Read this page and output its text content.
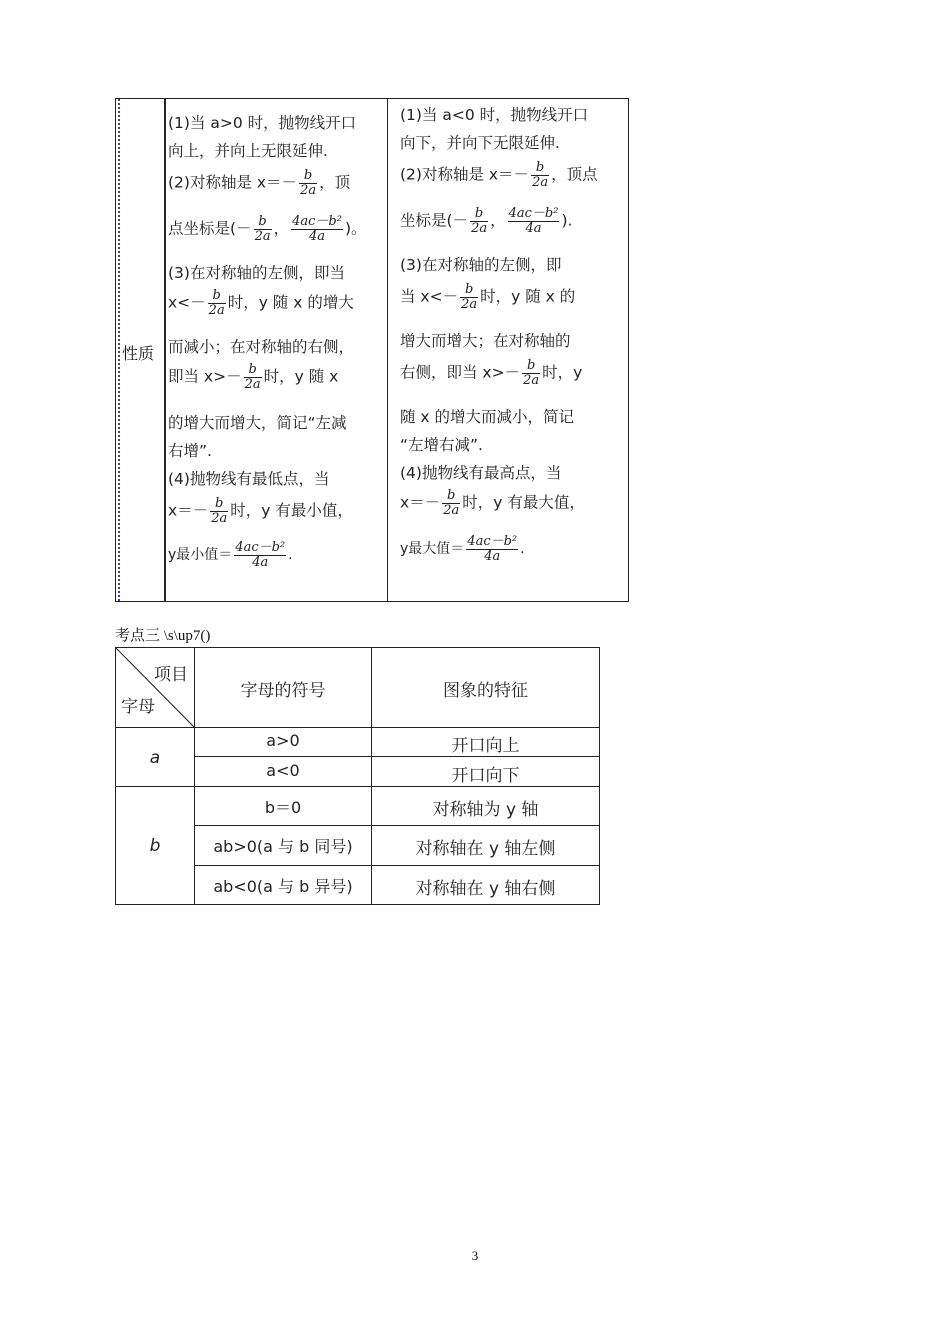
性质
(1)当 a>0 时，抛物线开口
向上，并向上无限延伸.
(2)对称轴是 $x=- \frac{b}{2a}$ ，顶
点坐标是(－ $\frac{b}{2a}$ ， $\frac{\text{4ac－b²}}{4a}$ )。
(3)在对称轴的左侧，即当
$x<- \frac{b}{2a}$ 时，y 随 x 的增大
而减小；在对称轴的右侧，
即当 $x>- \frac{b}{2a}$ 时，y 随 x
的增大而增大，简记“左减
右增”.
(4)抛物线有最低点，当
$x=- \frac{b}{2a}$ 时，y 有最小值，
y最小值＝ $\frac{\text{4ac－b²}}{4a}$ .
(1)当 a<0 时，抛物线开口
向下，并向下无限延伸.
(2)对称轴是 $x=- \frac{b}{2a}$ ，顶点
坐标是(－ $\frac{b}{2a}$ ， $\frac{\text{4ac－b²}}{4a}$ ).
(3)在对称轴的左侧，即
当 $x<- \frac{b}{2a}$ 时，y 随 x 的
增大而增大；在对称轴的
右侧，即当 $x>- \frac{b}{2a}$ 时，y
随 x 的增大而减小，简记
“左增右减”.
(4)抛物线有最高点，当
$x=- \frac{b}{2a}$ 时，y 有最大值，
y最大值＝ $\frac{\text{4ac－b²}}{4a}$ .
考点三 \s\up7()
项目
字母
字母的符号	图象的特征
a
b
a>0
a<0
b＝0
ab>0(a 与 b 同号)
ab<0(a 与 b 异号)
开口向上
开口向下
对称轴为 y 轴
对称轴在 y 轴左侧
对称轴在 y 轴右侧
3
